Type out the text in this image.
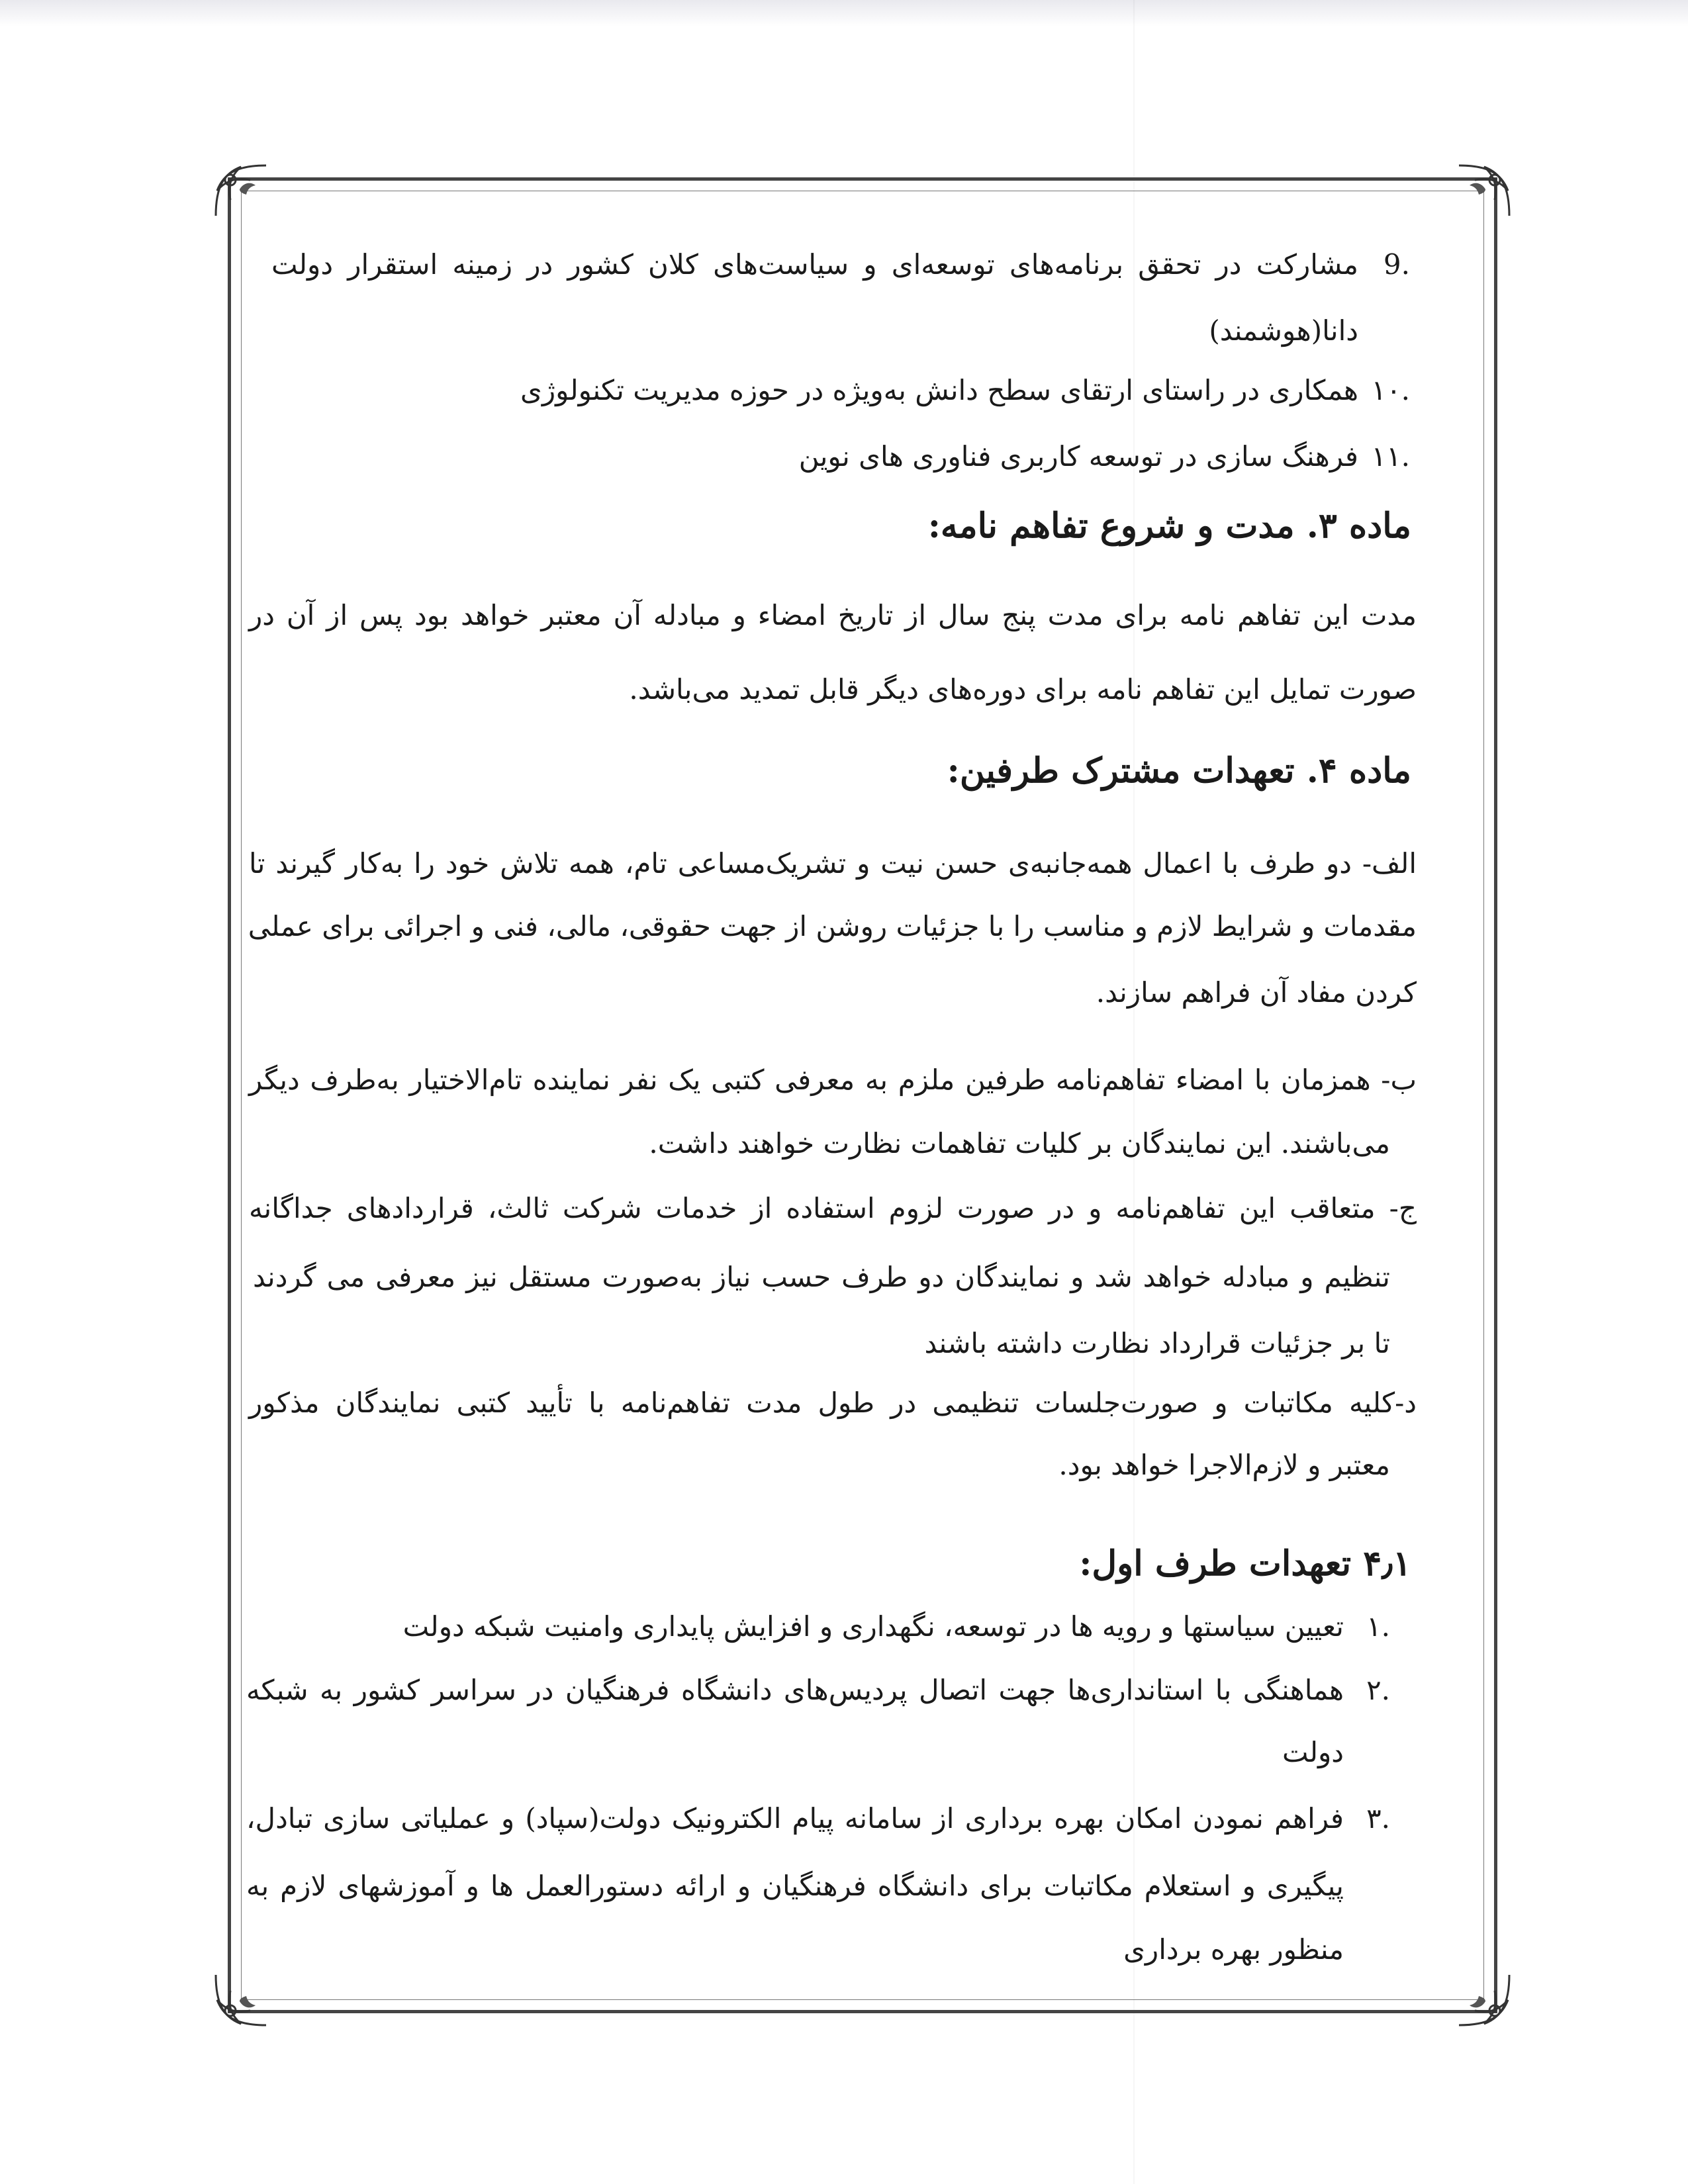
9.
مشارکت در تحقق برنامه‌های توسعه‌ای و سیاست‌های کلان کشور در زمینه استقرار دولت
دانا(هوشمند)
۱۰.
همکاری در راستای ارتقای سطح دانش به‌ویژه در حوزه مدیریت تکنولوژی
۱۱.
فرهنگ سازی در توسعه کاربری فناوری های نوین
ماده ۳. مدت و شروع تفاهم نامه:
مدت این تفاهم نامه برای مدت پنج سال از تاریخ امضاء و مبادله آن معتبر خواهد بود پس از آن در
صورت تمایل این تفاهم نامه برای دوره‌های دیگر قابل تمدید می‌باشد.
ماده ۴. تعهدات مشترک طرفین:
الف- دو طرف با اعمال همه‌جانبه‌ی حسن نیت و تشریک‌مساعی تام، همه تلاش خود را به‌کار گیرند تا
مقدمات و شرایط لازم و مناسب را با جزئیات روشن از جهت حقوقی، مالی، فنی و اجرائی برای عملی
کردن مفاد آن فراهم سازند.
ب- همزمان با امضاء تفاهم‌نامه طرفین ملزم به معرفی کتبی یک نفر نماینده تام‌الاختیار به‌طرف دیگر
می‌باشند. این نمایندگان بر کلیات تفاهمات نظارت خواهند داشت.
ج- متعاقب این تفاهم‌نامه و در صورت لزوم استفاده از خدمات شرکت ثالث، قراردادهای جداگانه
تنظیم و مبادله خواهد شد و نمایندگان دو طرف حسب نیاز به‌صورت مستقل نیز معرفی می گردند
تا بر جزئیات قرارداد نظارت داشته باشند
د-کلیه مکاتبات و صورت‌جلسات تنظیمی در طول مدت تفاهم‌نامه با تأیید کتبی نمایندگان مذکور
معتبر و لازم‌الاجرا خواهد بود.
۴٫۱ تعهدات طرف اول:
۱.
تعیین سیاستها و رویه ها در توسعه، نگهداری و افزایش پایداری وامنیت شبکه دولت
۲.
هماهنگی با استانداری‌ها جهت اتصال پردیس‌های دانشگاه فرهنگیان در سراسر کشور به شبکه
دولت
۳.
فراهم نمودن امکان بهره برداری از سامانه پیام الکترونیک دولت(سپاد) و عملیاتی سازی تبادل،
پیگیری و استعلام مکاتبات برای دانشگاه فرهنگیان و ارائه دستورالعمل ها و آموزشهای لازم به
منظور بهره برداری
